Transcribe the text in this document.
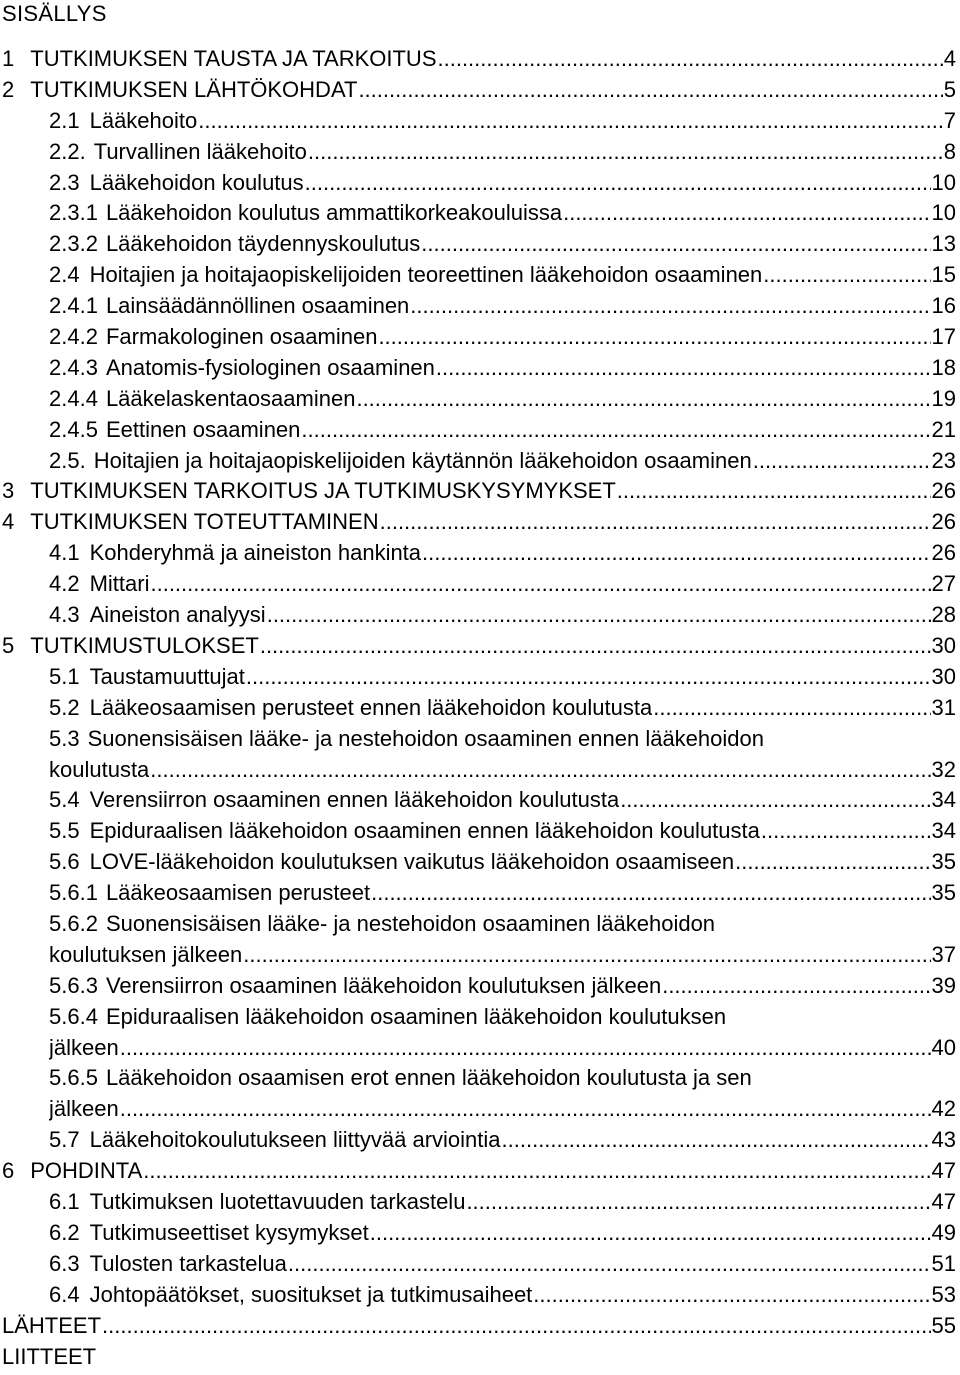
SISÄLLYS
1 TUTKIMUKSEN TAUSTA JA TARKOITUS .....	4
2 TUTKIMUKSEN LÄHTÖKOHDAT .....	5
2.1 Lääkehoito .....	7
2.2. Turvallinen lääkehoito .....	8
2.3 Lääkehoidon koulutus .....	10
2.3.1 Lääkehoidon koulutus ammattikorkeakouluissa .....	10
2.3.2 Lääkehoidon täydennyskoulutus .....	13
2.4 Hoitajien ja hoitajaopiskelijoiden teoreettinen lääkehoidon osaaminen .....	15
2.4.1 Lainsäädännöllinen osaaminen .....	16
2.4.2 Farmakologinen osaaminen .....	17
2.4.3 Anatomis-fysiologinen osaaminen .....	18
2.4.4 Lääkelaskentaosaaminen .....	19
2.4.5 Eettinen osaaminen .....	21
2.5. Hoitajien ja hoitajaopiskelijoiden käytännön lääkehoidon osaaminen .....	23
3 TUTKIMUKSEN TARKOITUS JA TUTKIMUSKYSYMYKSET .....	26
4 TUTKIMUKSEN TOTEUTTAMINEN .....	26
4.1 Kohderyhmä ja aineiston hankinta .....	26
4.2 Mittari .....	27
4.3 Aineiston analyysi .....	28
5 TUTKIMUSTULOKSET .....	30
5.1 Taustamuuttujat .....	30
5.2 Lääkeosaamisen perusteet ennen lääkehoidon koulutusta .....	31
5.3 Suonensisäisen lääke- ja nestehoidon osaaminen ennen lääkehoidon
koulutusta .....	32
5.4 Verensiirron osaaminen ennen lääkehoidon koulutusta .....	34
5.5 Epiduraalisen lääkehoidon osaaminen ennen lääkehoidon koulutusta .....	34
5.6 LOVE-lääkehoidon koulutuksen vaikutus lääkehoidon osaamiseen .....	35
5.6.1 Lääkeosaamisen perusteet .....	35
5.6.2 Suonensisäisen lääke- ja nestehoidon osaaminen lääkehoidon
koulutuksen jälkeen .....	37
5.6.3 Verensiirron osaaminen lääkehoidon koulutuksen jälkeen .....	39
5.6.4 Epiduraalisen lääkehoidon osaaminen lääkehoidon koulutuksen
jälkeen .....	40
5.6.5 Lääkehoidon osaamisen erot ennen lääkehoidon koulutusta ja sen
jälkeen .....	42
5.7 Lääkehoitokoulutukseen liittyvää arviointia .....	43
6 POHDINTA .....	47
6.1 Tutkimuksen luotettavuuden tarkastelu .....	47
6.2 Tutkimuseettiset kysymykset .....	49
6.3 Tulosten tarkastelua .....	51
6.4 Johtopäätökset, suositukset ja tutkimusaiheet .....	53
LÄHTEET .....	55
LIITTEET
